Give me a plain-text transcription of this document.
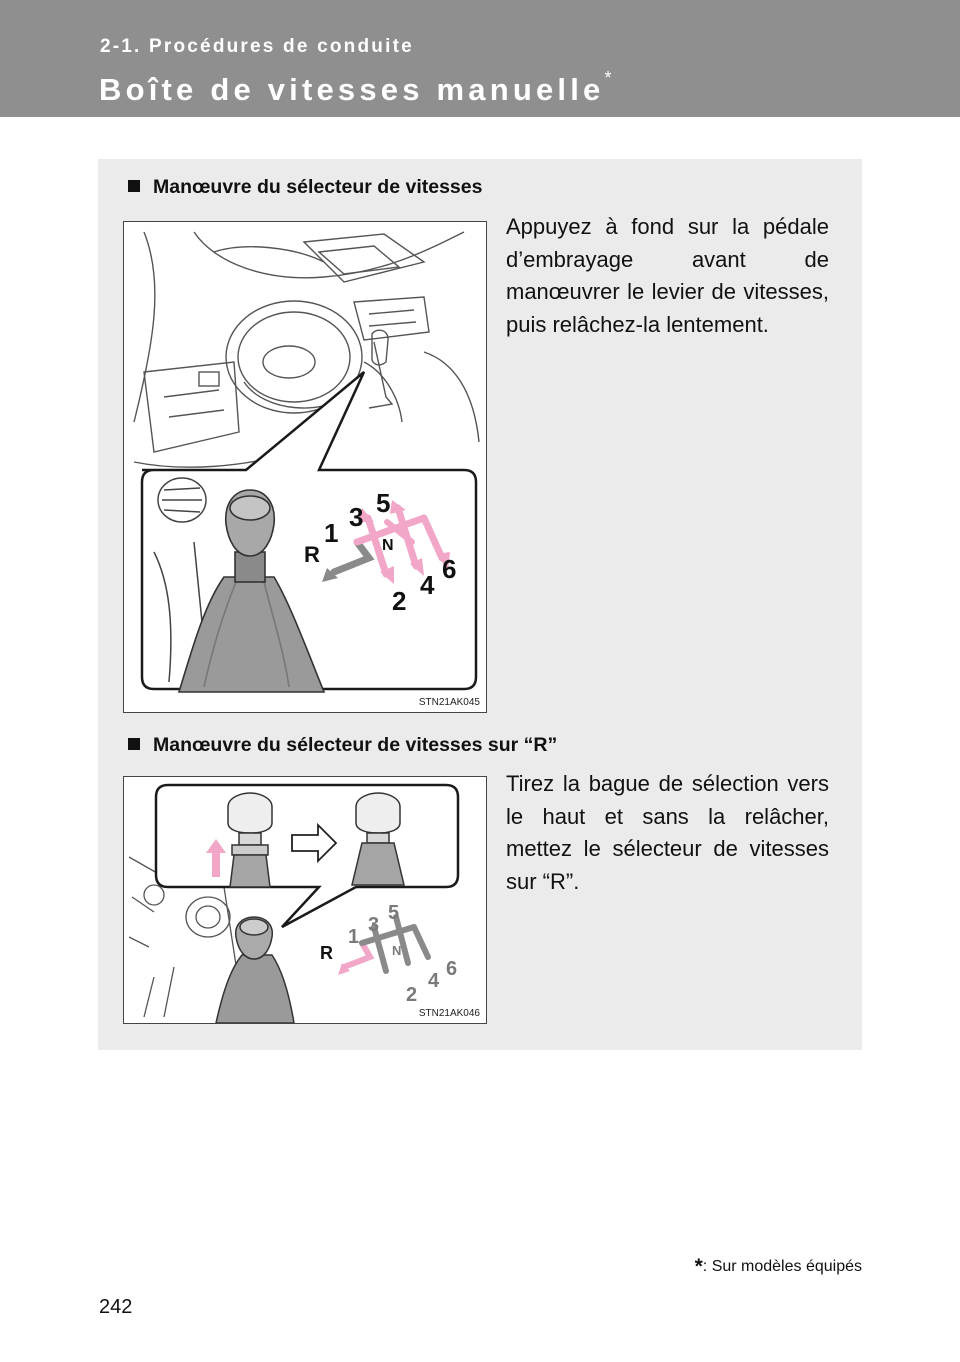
2-1. Procédures de conduite
Boîte de vitesses manuelle*
Manœuvre du sélecteur de vitesses
Appuyez à fond sur la pédale d’embrayage avant de manœuvrer le levier de vitesses, puis relâchez-la lentement.
R
1
3 5
N
2
4
6
STN21AK045
Manœuvre du sélecteur de vitesses sur “R”
Tirez la bague de sélection vers le haut et sans la relâcher, mettez le sélecteur de vitesses sur “R”.
R
1
3
5
N
2
4
6
STN21AK046
*: Sur modèles équipés
242
